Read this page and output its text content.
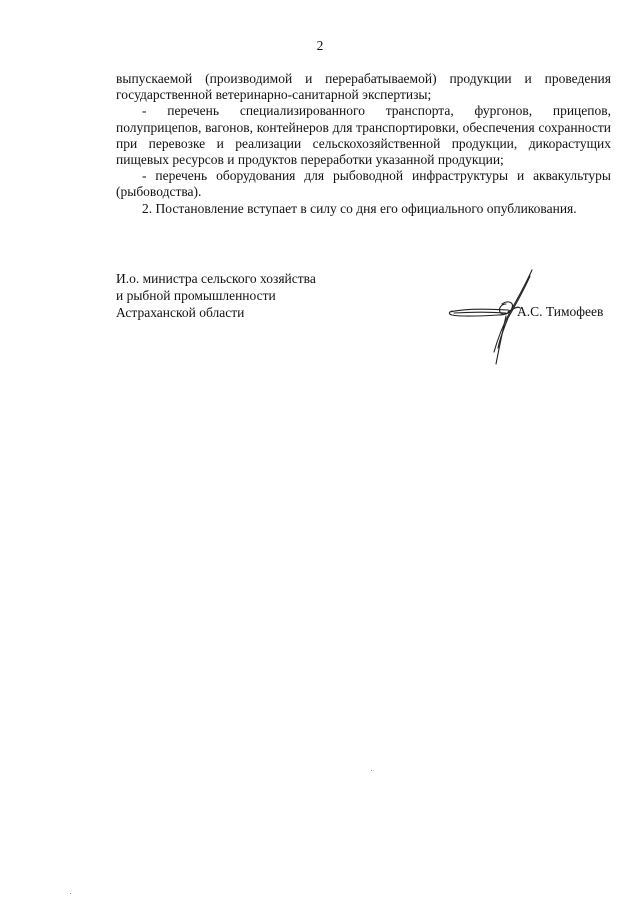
2

выпускаемой (производимой и перерабатываемой) продукции и проведения государственной ветеринарно-санитарной экспертизы;

- перечень специализированного транспорта, фургонов, прицепов, полуприцепов, вагонов, контейнеров для транспортировки, обеспечения сохранности при перевозке и реализации сельскохозяйственной продукции, дикорастущих пищевых ресурсов и продуктов переработки указанной продукции;

- перечень оборудования для рыбоводной инфраструктуры и аквакультуры (рыбоводства).

2. Постановление вступает в силу со дня его официального опубликования.

И.о. министра сельского хозяйства
и рыбной промышленности
Астраханской области	А.С. Тимофеев
